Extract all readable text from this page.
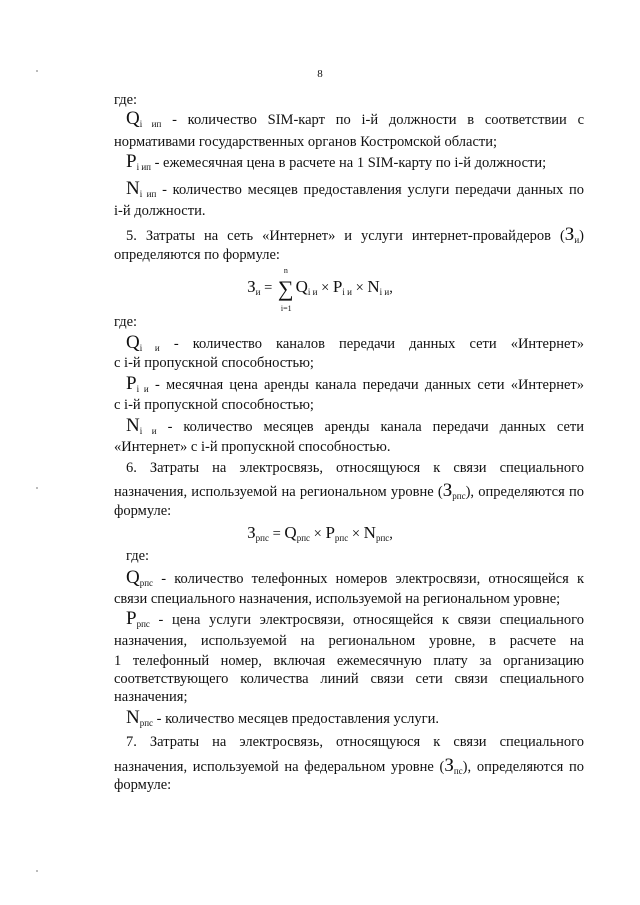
8
где:
$Q_{i ип}$ - количество SIM-карт по i-й должности в соответствии с
нормативами государственных органов Костромской области;
$P_{i ип}$ - ежемесячная цена в расчете на 1 SIM-карту по i-й должности;
$N_{i ип}$ - количество месяцев предоставления услуги передачи данных по
i-й должности.
5. Затраты на сеть «Интернет» и услуги интернет-провайдеров $(З_и)$
определяются по формуле:
$З_и$ =
n
∑
i=1
$Q_{i и} \times P_{i и} \times N_{i и}$,
где:
$Q_{i и}$ - количество каналов передачи данных сети «Интернет»
с i-й пропускной способностью;
$P_{i и}$ - месячная цена аренды канала передачи данных сети «Интернет»
с i-й пропускной способностью;
$N_{i и}$ - количество месяцев аренды канала передачи данных сети
«Интернет» с i-й пропускной способностью.
6. Затраты на электросвязь, относящуюся к связи специального
назначения, используемой на региональном уровне $(З_{рпс})$, определяются по
формуле:
$З_{рпс} = Q_{рпс} \times P_{рпс} \times N_{рпс}$,
где:
$Q_{рпс}$ - количество телефонных номеров электросвязи, относящейся к
связи специального назначения, используемой на региональном уровне;
$P_{рпс}$ - цена услуги электросвязи, относящейся к связи специального
назначения, используемой на региональном уровне, в расчете на
1 телефонный номер, включая ежемесячную плату за организацию
соответствующего количества линий связи сети связи специального
назначения;
$N_{рпс}$ - количество месяцев предоставления услуги.
7. Затраты на электросвязь, относящуюся к связи специального
назначения, используемой на федеральном уровне $(З_{пс})$, определяются по
формуле:
